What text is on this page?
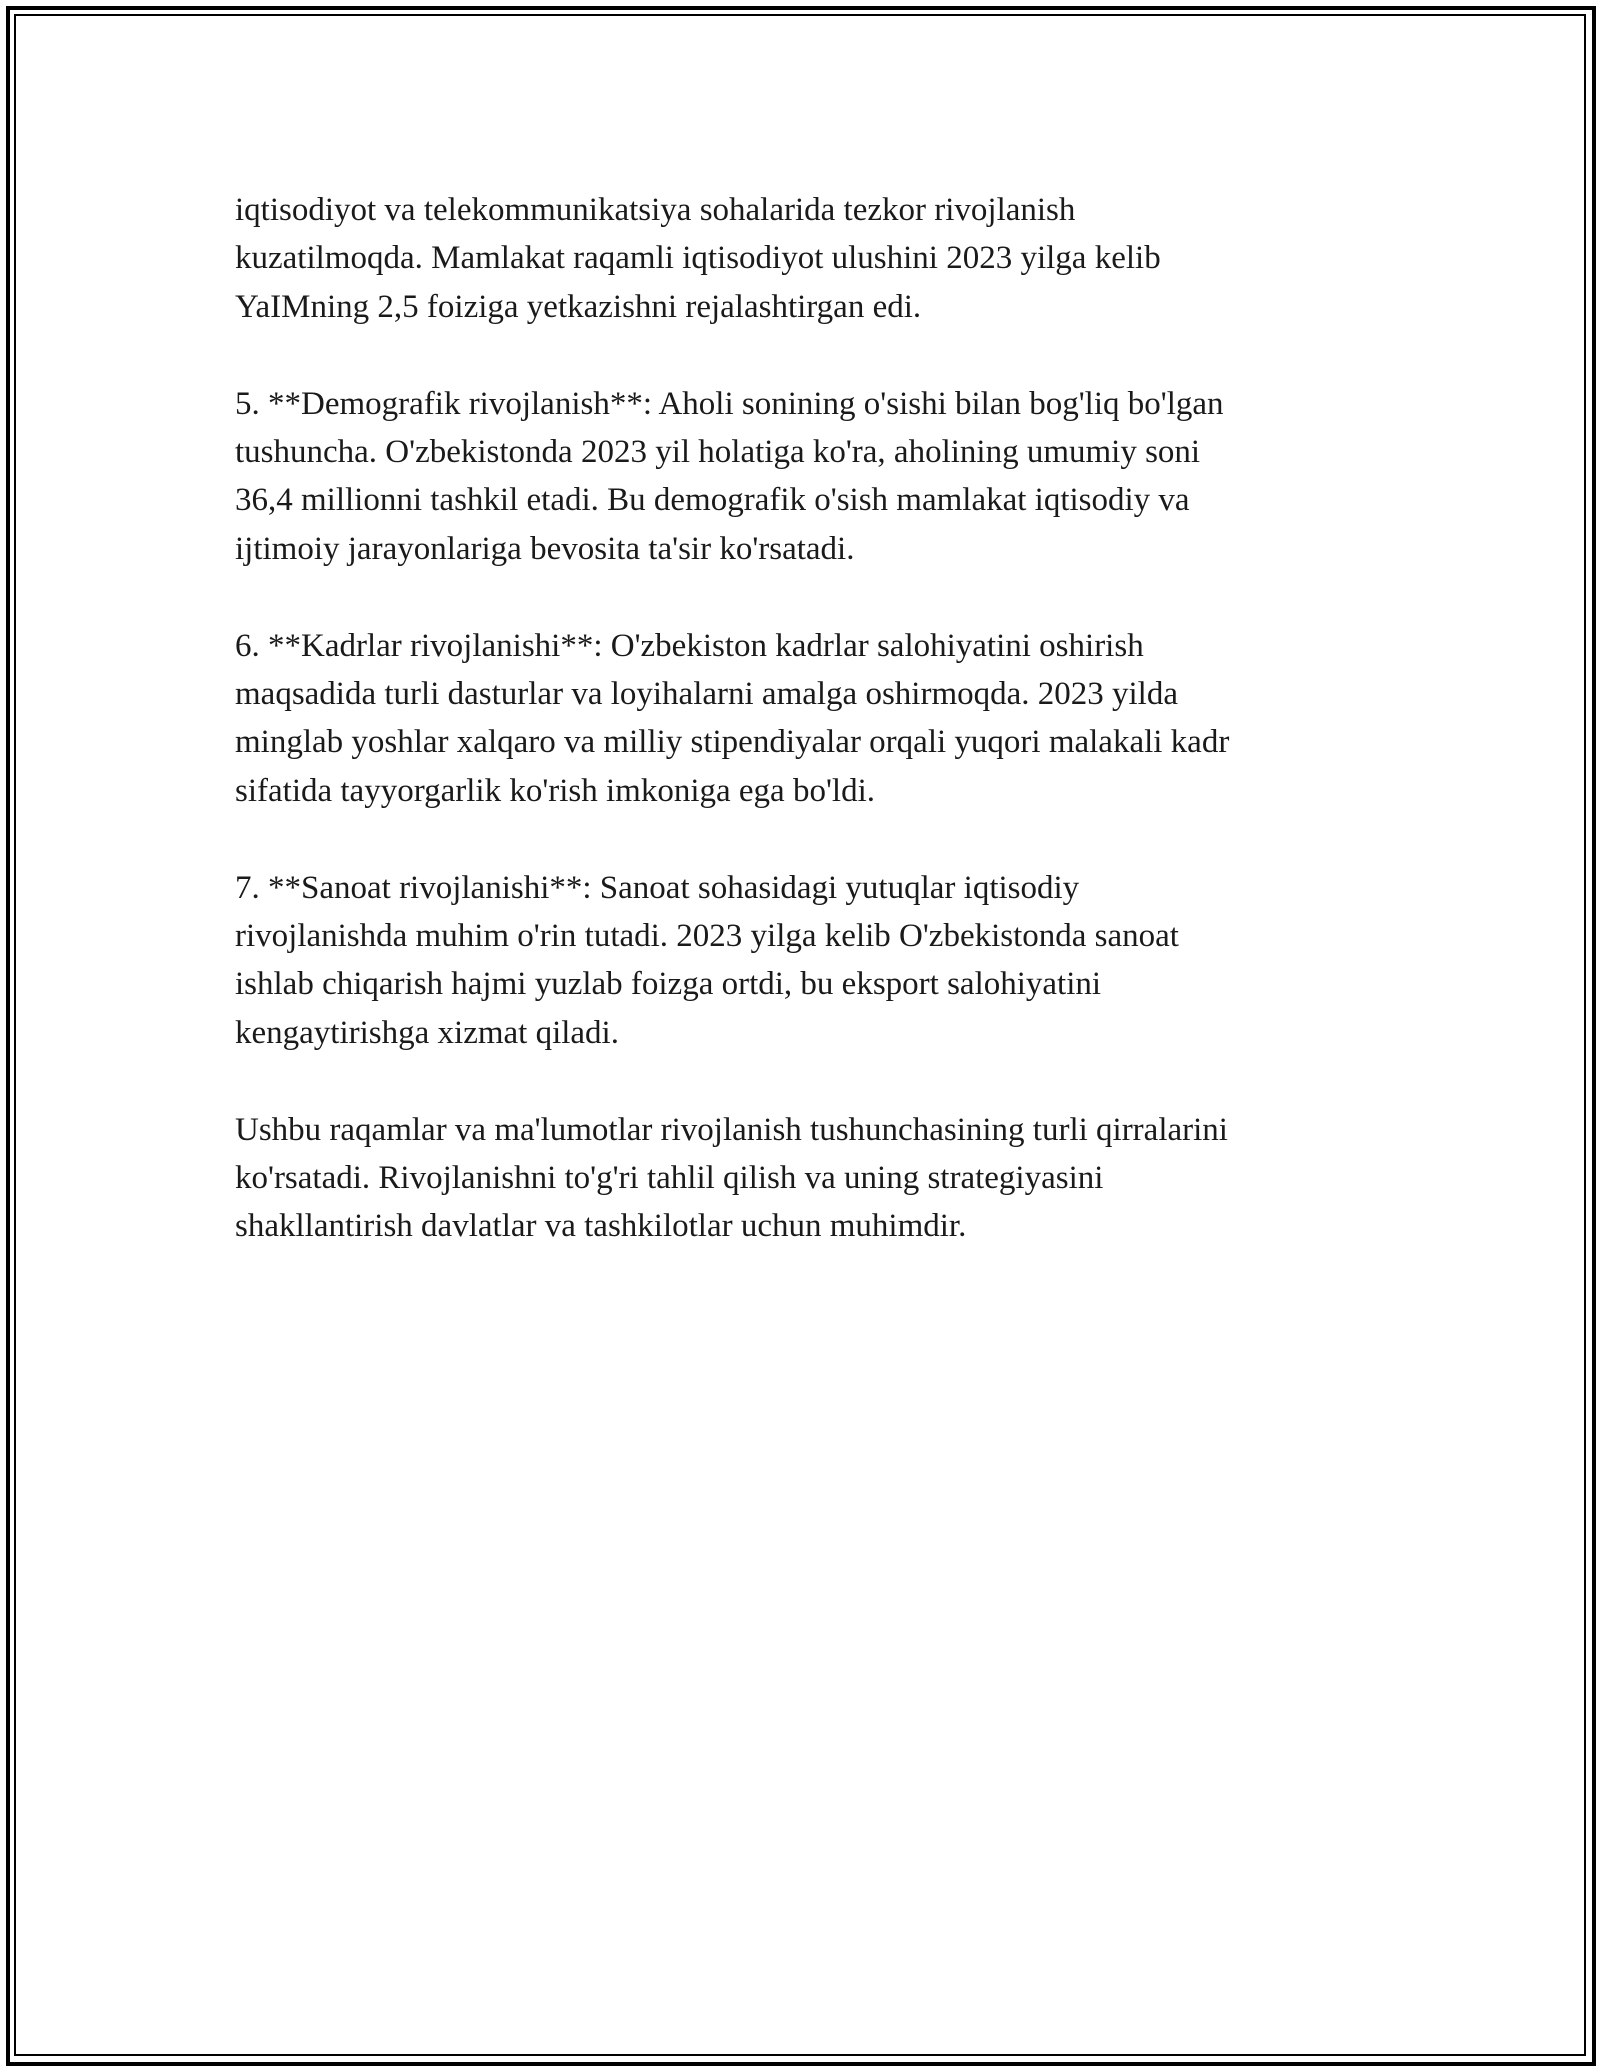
iqtisodiyot va telekommunikatsiya sohalarida tezkor rivojlanish
kuzatilmoqda. Mamlakat raqamli iqtisodiyot ulushini 2023 yilga kelib
YaIMning 2,5 foiziga yetkazishni rejalashtirgan edi.

5. **Demografik rivojlanish**: Aholi sonining o'sishi bilan bog'liq bo'lgan
tushuncha. O'zbekistonda 2023 yil holatiga ko'ra, aholining umumiy soni
36,4 millionni tashkil etadi. Bu demografik o'sish mamlakat iqtisodiy va
ijtimoiy jarayonlariga bevosita ta'sir ko'rsatadi.

6. **Kadrlar rivojlanishi**: O'zbekiston kadrlar salohiyatini oshirish
maqsadida turli dasturlar va loyihalarni amalga oshirmoqda. 2023 yilda
minglab yoshlar xalqaro va milliy stipendiyalar orqali yuqori malakali kadr
sifatida tayyorgarlik ko'rish imkoniga ega bo'ldi.

7. **Sanoat rivojlanishi**: Sanoat sohasidagi yutuqlar iqtisodiy
rivojlanishda muhim o'rin tutadi. 2023 yilga kelib O'zbekistonda sanoat
ishlab chiqarish hajmi yuzlab foizga ortdi, bu eksport salohiyatini
kengaytirishga xizmat qiladi.

Ushbu raqamlar va ma'lumotlar rivojlanish tushunchasining turli qirralarini
ko'rsatadi. Rivojlanishni to'g'ri tahlil qilish va uning strategiyasini
shakllantirish davlatlar va tashkilotlar uchun muhimdir.
